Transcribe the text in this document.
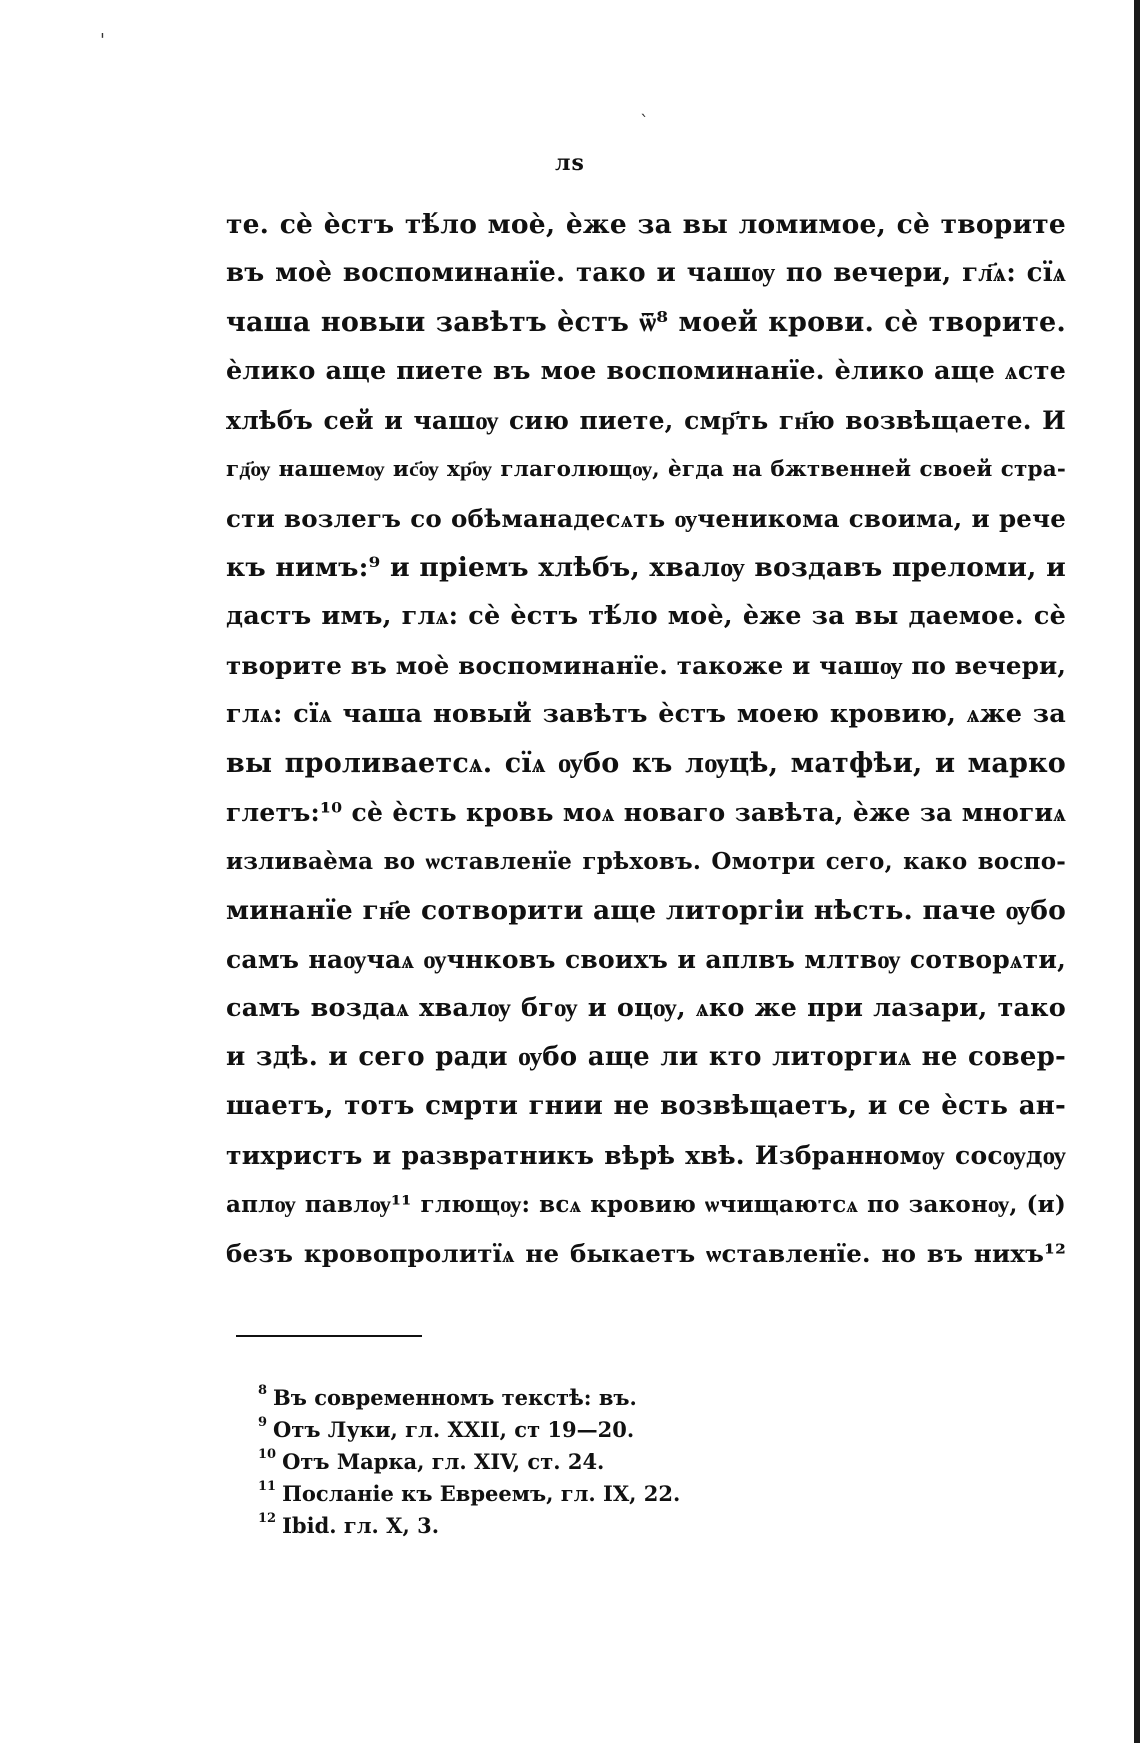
'
ˋ
лѕ
те. сѐ ѐстъ тѣ́ло моѐ, ѐже за вы ломимое, сѐ творите
въ моѐ воспоминанїе. тако и чашѹ по вечери, гл҃ѧ: сїѧ
чаша новыи завѣтъ ѐстъ ѿ⁸ моей крови. сѐ творите.
ѐлико аще пиете въ мое воспоминанїе. ѐлико аще ѧсте
хлѣбъ сей и чашѹ сию пиете, смр҃ть гн҃ю возвѣщаете. И
гд҃ѹ нашемѹ ис҃ѹ хр҃ѹ глаголющѹ, ѐгда на бжтвенней своей стра-
сти возлегъ со обѣманадесѧть ѹченикома своима, и рече
къ нимъ:⁹ и прiемъ хлѣбъ, хвалѹ воздавъ преломи, и
дастъ имъ, глѧ: сѐ ѐстъ тѣ́ло моѐ, ѐже за вы даемое. сѐ
творите въ моѐ воспоминанїе. такоже и чашѹ по вечери,
глѧ: сїѧ чаша новый завѣтъ ѐстъ моею кровию, ѧже за
вы проливаетсѧ. сїѧ ѹбо къ лѹцѣ, матфѣи, и марко
глетъ:¹⁰ сѐ ѐсть кровь моѧ новаго завѣта, ѐже за многиѧ
изливаѐма во ѡставленїе грѣховъ. Омотри сего, како воспо-
минанїе гн҃е сотворити аще литоргiи нѣсть. паче ѹбо
самъ наѹчаѧ ѹчнковъ своихъ и аплвъ млтвѹ сотворѧти,
самъ воздаѧ хвалѹ бгѹ и оцѹ, ѧко же при лазари, тако
и здѣ. и сего ради ѹбо аще ли кто литоргиѧ не совер-
шаетъ, тотъ смрти гнии не возвѣщаетъ, и се ѐсть ан-
тихристъ и развратникъ вѣрѣ хвѣ. Избранномѹ сосѹдѹ
аплѹ павлѹ¹¹ глющѹ: всѧ кровию ѡчищаютсѧ по законѹ, (и)
безъ кровопролитїѧ не быкаетъ ѡставленїе. но въ нихъ¹²
$^8$ Въ современномъ текстѣ: въ.
$^9$ Отъ Луки, гл. XXII, ст 19—20.
$^{10}$ Отъ Марка, гл. XIV, ст. 24.
$^{11}$ Посланіе къ Евреемъ, гл. IX, 22.
$^{12}$ Ibid. гл. X, 3.
